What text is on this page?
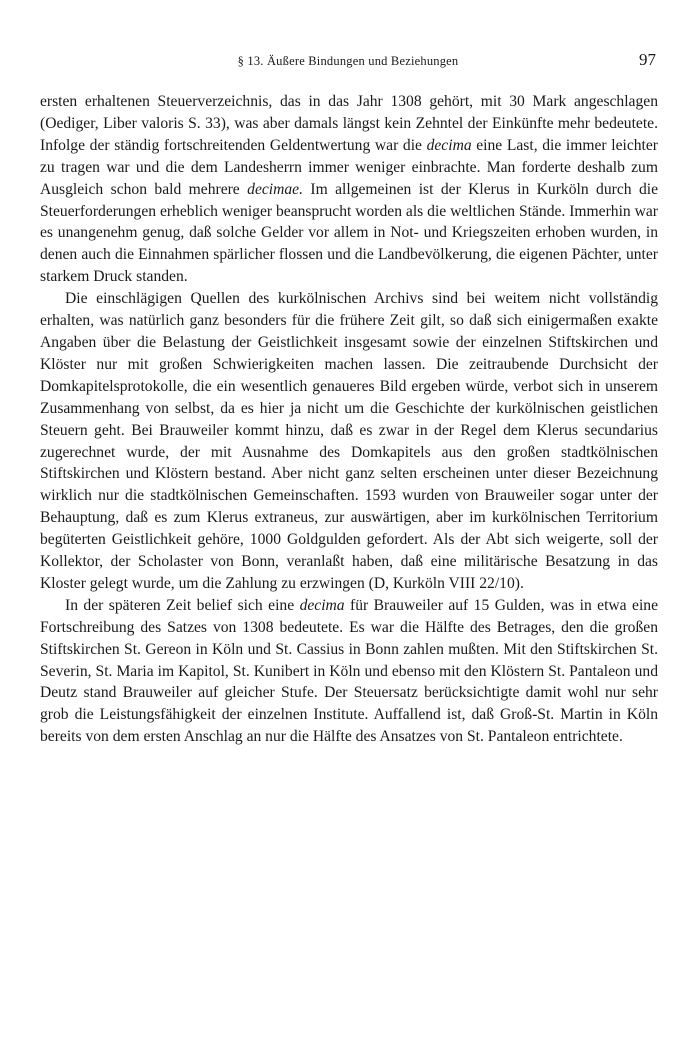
§ 13. Äußere Bindungen und Beziehungen	97

ersten erhaltenen Steuerverzeichnis, das in das Jahr 1308 gehört, mit 30 Mark angeschlagen (Oediger, Liber valoris S. 33), was aber damals längst kein Zehntel der Einkünfte mehr bedeutete. Infolge der ständig fortschreitenden Geldentwertung war die decima eine Last, die immer leichter zu tragen war und die dem Landesherrn immer weniger einbrachte. Man forderte deshalb zum Ausgleich schon bald mehrere decimae. Im allgemeinen ist der Klerus in Kurköln durch die Steuerforderungen erheblich weniger beansprucht worden als die weltlichen Stände. Immerhin war es unangenehm genug, daß solche Gelder vor allem in Not- und Kriegszeiten erhoben wurden, in denen auch die Einnahmen spärlicher flossen und die Landbevölkerung, die eigenen Pächter, unter starkem Druck standen.

Die einschlägigen Quellen des kurkölnischen Archivs sind bei weitem nicht vollständig erhalten, was natürlich ganz besonders für die frühere Zeit gilt, so daß sich einigermaßen exakte Angaben über die Belastung der Geistlichkeit insgesamt sowie der einzelnen Stiftskirchen und Klöster nur mit großen Schwierigkeiten machen lassen. Die zeitraubende Durchsicht der Domkapitelsprotokolle, die ein wesentlich genaueres Bild ergeben würde, verbot sich in unserem Zusammenhang von selbst, da es hier ja nicht um die Geschichte der kurkölnischen geistlichen Steuern geht. Bei Brauweiler kommt hinzu, daß es zwar in der Regel dem Klerus secundarius zugerechnet wurde, der mit Ausnahme des Domkapitels aus den großen stadtkölnischen Stiftskirchen und Klöstern bestand. Aber nicht ganz selten erscheinen unter dieser Bezeichnung wirklich nur die stadtkölnischen Gemeinschaften. 1593 wurden von Brauweiler sogar unter der Behauptung, daß es zum Klerus extraneus, zur auswärtigen, aber im kurkölnischen Territorium begüterten Geistlichkeit gehöre, 1000 Goldgulden gefordert. Als der Abt sich weigerte, soll der Kollektor, der Scholaster von Bonn, veranlaßt haben, daß eine militärische Besatzung in das Kloster gelegt wurde, um die Zahlung zu erzwingen (D, Kurköln VIII 22/10).

In der späteren Zeit belief sich eine decima für Brauweiler auf 15 Gulden, was in etwa eine Fortschreibung des Satzes von 1308 bedeutete. Es war die Hälfte des Betrages, den die großen Stiftskirchen St. Gereon in Köln und St. Cassius in Bonn zahlen mußten. Mit den Stiftskirchen St. Severin, St. Maria im Kapitol, St. Kunibert in Köln und ebenso mit den Klöstern St. Pantaleon und Deutz stand Brauweiler auf gleicher Stufe. Der Steuersatz berücksichtigte damit wohl nur sehr grob die Leistungsfähigkeit der einzelnen Institute. Auffallend ist, daß Groß-St. Martin in Köln bereits von dem ersten Anschlag an nur die Hälfte des Ansatzes von St. Pantaleon entrichtete.
